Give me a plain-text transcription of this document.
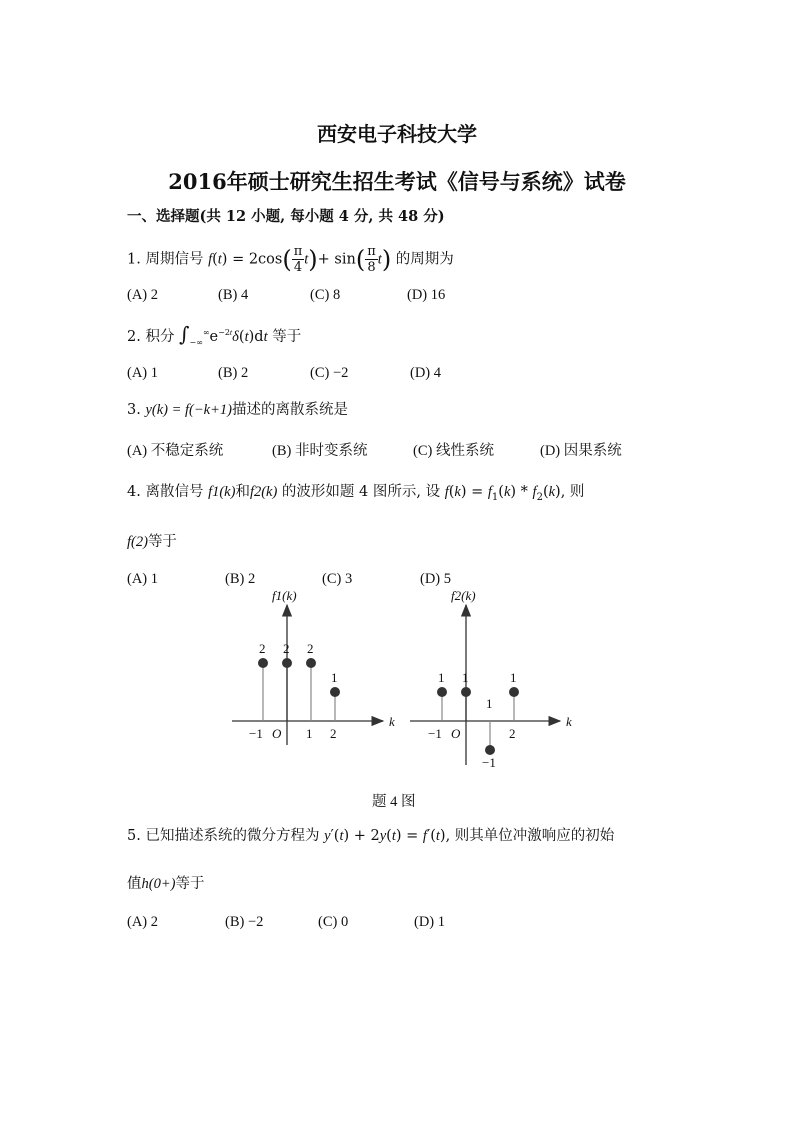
西安电子科技大学
2016年硕士研究生招生考试《信号与系统》试卷
一、选择题(共 12 小题, 每小题 4 分, 共 48 分)
1. 周期信号 $f(t) = 2\cos( \frac{\pi}{4} t)+ \sin( \frac{\pi}{8} t)$ 的周期为
(A) 2	(B) 4	(C) 8	(D) 16
2. 积分 $\int_{-\infty}^\infty e^{-2t}\delta(t)dt$ 等于
(A) 1	(B) 2	(C) −2	(D) 4
3. y(k) = f(−k+1)描述的离散系统是
(A) 不稳定系统	(B) 非时变系统	(C) 线性系统	(D) 因果系统
4. 离散信号 f1(k)和f2(k) 的波形如题 4 图所示, 设 $f(k) = f_1(k) * f_2(k)$, 则
f(2)等于
(A) 1	(B) 2	(C) 3	(D) 5
k
O
2 2 2
1
−1	1 2
k
O
1 1
1
1
−1	2
−1
f1(k)	f2(k)
题 4 图
5. 已知描述系统的微分方程为 y′(t) + 2y(t) = f′(t), 则其单位冲激响应的初始
值h(0+)等于
(A) 2	(B) −2	(C) 0	(D) 1
